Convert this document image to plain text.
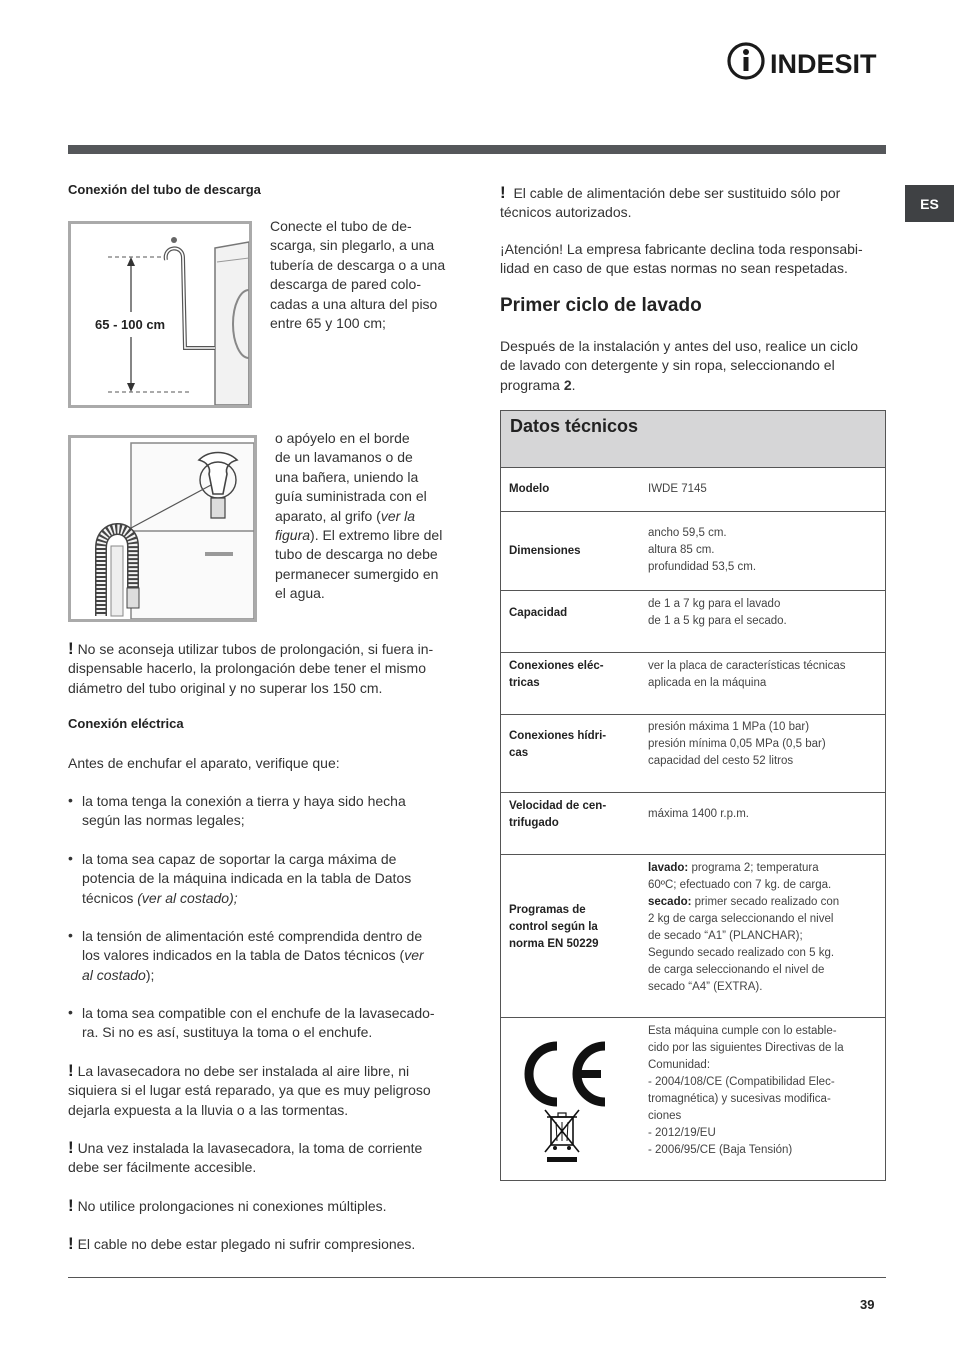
INDESIT
ES
Conexión del tubo de descarga
65 - 100 cm

Conecte el tubo de de-

scarga, sin plegarlo, a una

tubería de descarga o a una

descarga de pared colo-

cadas a una altura del piso

entre 65 y 100 cm;

o apóyelo en el borde

de un lavamanos o de

una bañera, uniendo la

guía suministrada con el

aparato, al grifo (ver la

figura). El extremo libre del

tubo de descarga no debe

permanecer sumergido en

el agua.

! No se aconseja utilizar tubos de prolongación, si fuera in-

dispensable hacerlo, la prolongación debe tener el mismo

diámetro del tubo original y no superar los 150 cm.

Conexión eléctrica

Antes de enchufar el aparato, verifique que:

• la toma tenga la conexión a tierra y haya sido hecha
según las normas legales;
• la toma sea capaz de soportar la carga máxima de
potencia de la máquina indicada en la tabla de Datos
técnicos (ver al costado);
• la tensión de alimentación esté comprendida dentro de
los valores indicados en la tabla de Datos técnicos (ver
al costado);
• la toma sea compatible con el enchufe de la lavasecado-
ra. Si no es así, sustituya la toma o el enchufe.

! La lavasecadora no debe ser instalada al aire libre, ni

siquiera si el lugar está reparado, ya que es muy peligroso

dejarla expuesta a la lluvia o a las tormentas.

! Una vez instalada la lavasecadora, la toma de corriente

debe ser fácilmente accesible.

! No utilice prolongaciones ni conexiones múltiples.

! El cable no debe estar plegado ni sufrir compresiones.

! El cable de alimentación debe ser sustituido sólo por

técnicos autorizados.

¡Atención! La empresa fabricante declina toda responsabi-

lidad en caso de que estas normas no sean respetadas.

Primer ciclo de lavado

Después de la instalación y antes del uso, realice un ciclo

de lavado con detergente y sin ropa, seleccionando el

programa 2.

Datos técnicos
Modelo	IWDE 7145
Dimensiones
ancho 59,5 cm.
altura 85 cm.
profundidad 53,5 cm.
Capacidad
de 1 a 7 kg para el lavado
de 1 a 5 kg para el secado.
Conexiones eléc-
tricas
ver la placa de características técnicas
aplicada en la máquina
Conexiones hídri-
cas
presión máxima 1 MPa (10 bar)
presión mínima 0,05 MPa (0,5 bar)
capacidad del cesto 52 litros
Velocidad de cen-
trifugado
máxima 1400 r.p.m.
Programas de
control según la
norma EN 50229
lavado: programa 2; temperatura
60ºC; efectuado con 7 kg. de carga.
secado: primer secado realizado con
2 kg de carga seleccionando el nivel
de secado “A1” (PLANCHAR);
Segundo secado realizado con 5 kg.
de carga seleccionando el nivel de
secado “A4” (EXTRA).
Esta máquina cumple con lo estable-
cido por las siguientes Directivas de la
Comunidad:
- 2004/108/CE (Compatibilidad Elec-
tromagnética) y sucesivas modifica-
ciones
- 2012/19/EU
- 2006/95/CE (Baja Tensión)
39
